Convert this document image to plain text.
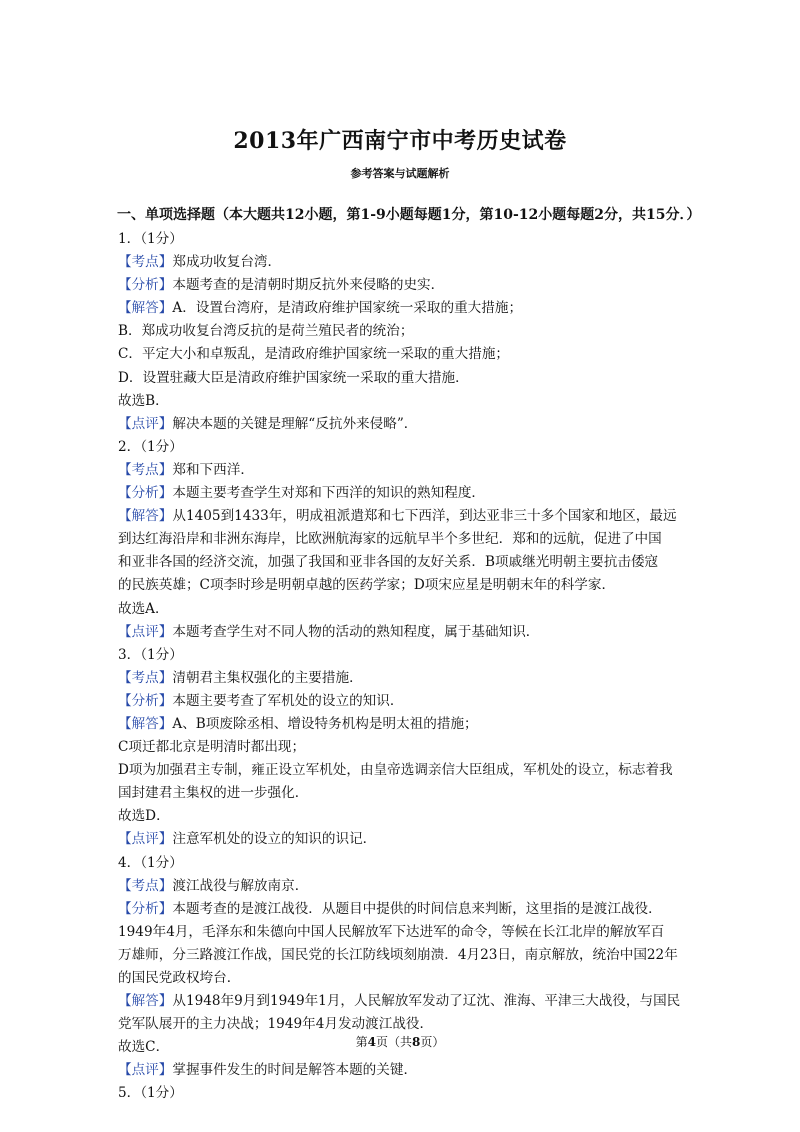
2013年广西南宁市中考历史试卷
参考答案与试题解析
一、单项选择题（本大题共12小题，第1-9小题每题1分，第10-12小题每题2分，共15分．）
1．（1分）
【考点】郑成功收复台湾．
【分析】本题考查的是清朝时期反抗外来侵略的史实．
【解答】A．设置台湾府，是清政府维护国家统一采取的重大措施；
B．郑成功收复台湾反抗的是荷兰殖民者的统治；
C．平定大小和卓叛乱，是清政府维护国家统一采取的重大措施；
D．设置驻藏大臣是清政府维护国家统一采取的重大措施．
故选B．
【点评】解决本题的关键是理解“反抗外来侵略”．
2．（1分）
【考点】郑和下西洋．
【分析】本题主要考查学生对郑和下西洋的知识的熟知程度．
【解答】从1405到1433年，明成祖派遣郑和七下西洋，到达亚非三十多个国家和地区，最远
到达红海沿岸和非洲东海岸，比欧洲航海家的远航早半个多世纪．郑和的远航，促进了中国
和亚非各国的经济交流，加强了我国和亚非各国的友好关系．B项戚继光明朝主要抗击倭寇
的民族英雄；C项李时珍是明朝卓越的医药学家；D项宋应星是明朝末年的科学家．
故选A．
【点评】本题考查学生对不同人物的活动的熟知程度，属于基础知识．
3．（1分）
【考点】清朝君主集权强化的主要措施．
【分析】本题主要考查了军机处的设立的知识．
【解答】A、B项废除丞相、增设特务机构是明太祖的措施；
C项迁都北京是明清时都出现；
D项为加强君主专制，雍正设立军机处，由皇帝选调亲信大臣组成，军机处的设立，标志着我
国封建君主集权的进一步强化．
故选D．
【点评】注意军机处的设立的知识的识记．
4．（1分）
【考点】渡江战役与解放南京．
【分析】本题考查的是渡江战役．从题目中提供的时间信息来判断，这里指的是渡江战役．
1949年4月，毛泽东和朱德向中国人民解放军下达进军的命令，等候在长江北岸的解放军百
万雄师，分三路渡江作战，国民党的长江防线顷刻崩溃．4月23日，南京解放，统治中国22年
的国民党政权垮台．
【解答】从1948年9月到1949年1月，人民解放军发动了辽沈、淮海、平津三大战役，与国民
党军队展开的主力决战；1949年4月发动渡江战役．
故选C．
【点评】掌握事件发生的时间是解答本题的关键．
5．（1分）
第4页（共8页）
